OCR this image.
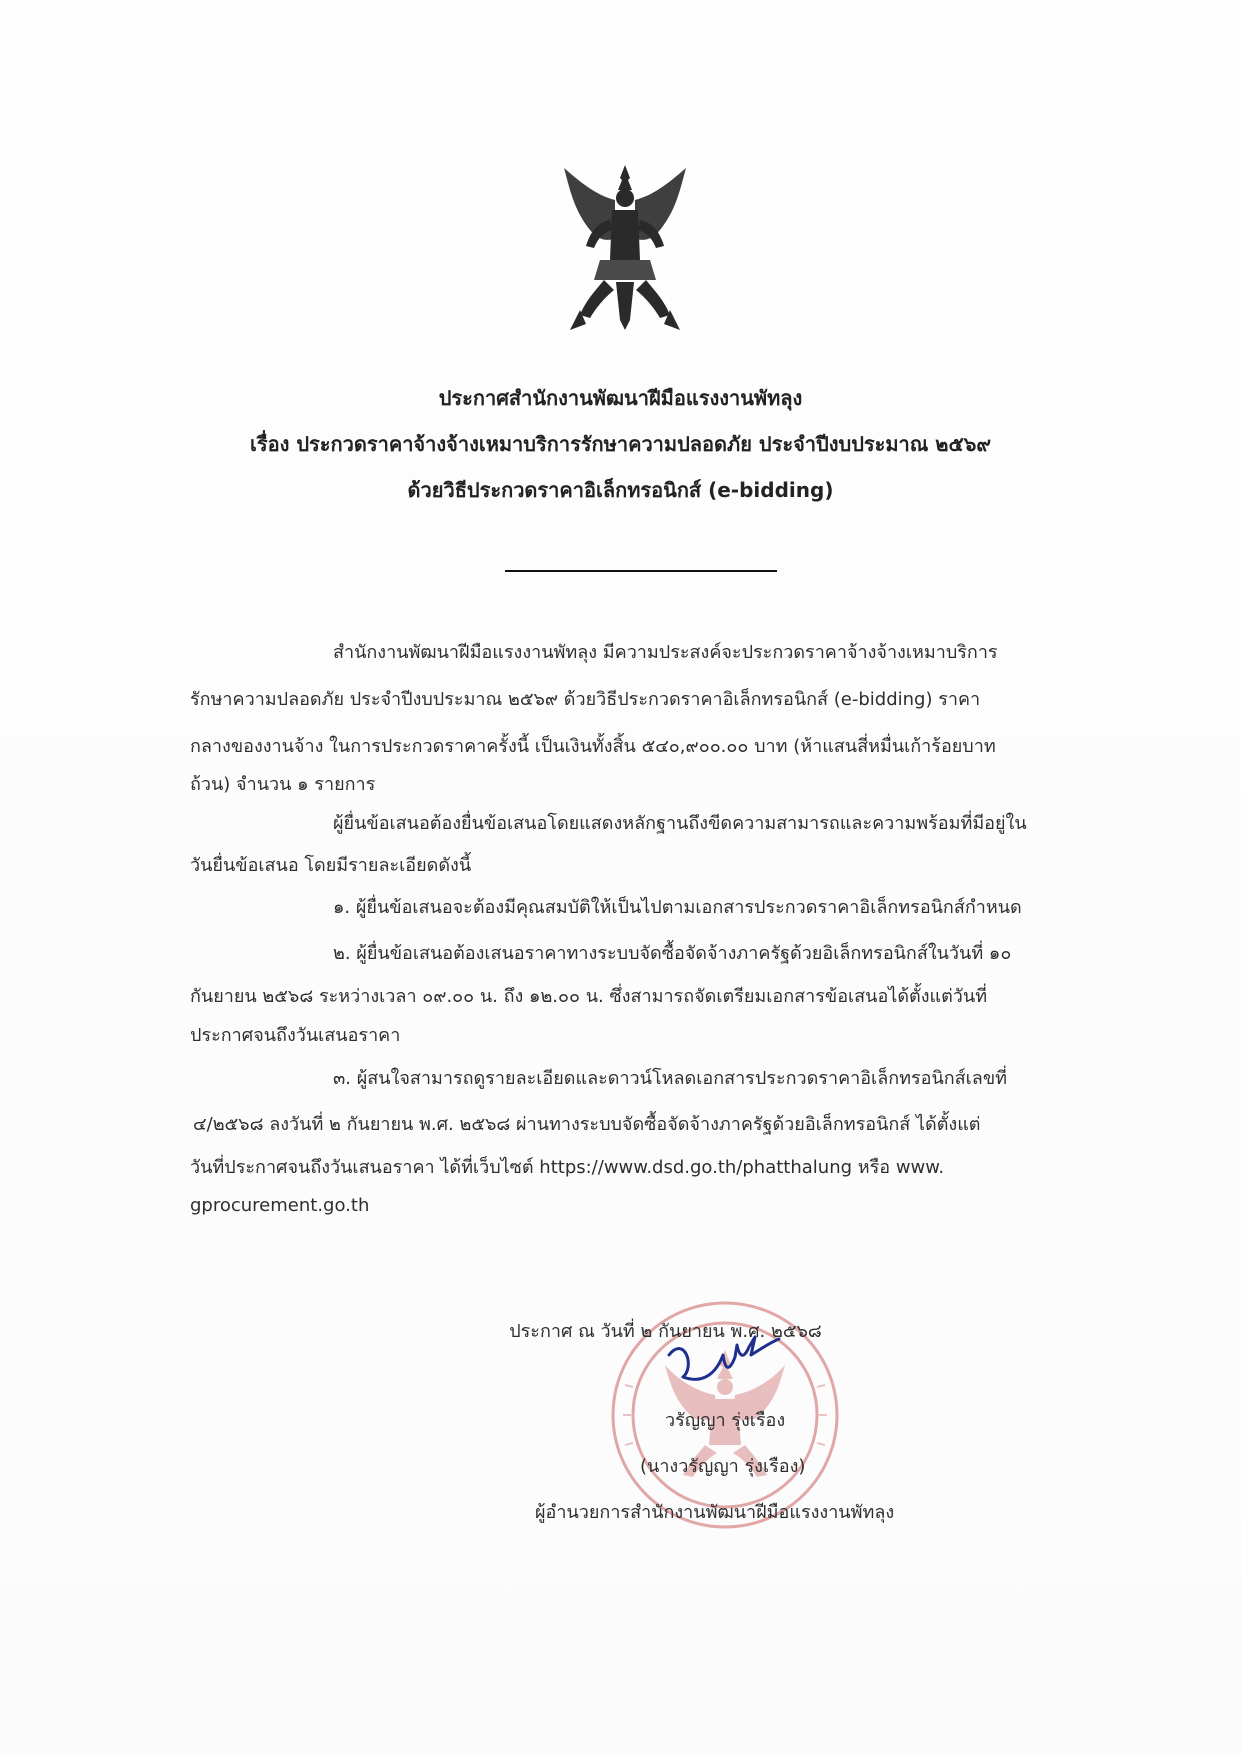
ประกาศสำนักงานพัฒนาฝีมือแรงงานพัทลุง
เรื่อง ประกวดราคาจ้างจ้างเหมาบริการรักษาความปลอดภัย ประจำปีงบประมาณ ๒๕๖๙
ด้วยวิธีประกวดราคาอิเล็กทรอนิกส์ (e-bidding)
สำนักงานพัฒนาฝีมือแรงงานพัทลุง มีความประสงค์จะประกวดราคาจ้างจ้างเหมาบริการ
รักษาความปลอดภัย ประจำปีงบประมาณ ๒๕๖๙ ด้วยวิธีประกวดราคาอิเล็กทรอนิกส์ (e-bidding) ราคา
กลางของงานจ้าง ในการประกวดราคาครั้งนี้ เป็นเงินทั้งสิ้น ๕๔๐,๙๐๐.๐๐ บาท (ห้าแสนสี่หมื่นเก้าร้อยบาท
ถ้วน) จำนวน ๑ รายการ
ผู้ยื่นข้อเสนอต้องยื่นข้อเสนอโดยแสดงหลักฐานถึงขีดความสามารถและความพร้อมที่มีอยู่ใน
วันยื่นข้อเสนอ โดยมีรายละเอียดดังนี้
๑. ผู้ยื่นข้อเสนอจะต้องมีคุณสมบัติให้เป็นไปตามเอกสารประกวดราคาอิเล็กทรอนิกส์กำหนด
๒. ผู้ยื่นข้อเสนอต้องเสนอราคาทางระบบจัดซื้อจัดจ้างภาครัฐด้วยอิเล็กทรอนิกส์ในวันที่ ๑๐
กันยายน ๒๕๖๘ ระหว่างเวลา ๐๙.๐๐ น. ถึง ๑๒.๐๐ น. ซึ่งสามารถจัดเตรียมเอกสารข้อเสนอได้ตั้งแต่วันที่
ประกาศจนถึงวันเสนอราคา
๓. ผู้สนใจสามารถดูรายละเอียดและดาวน์โหลดเอกสารประกวดราคาอิเล็กทรอนิกส์เลขที่
๔/๒๕๖๘ ลงวันที่ ๒ กันยายน พ.ศ. ๒๕๖๘ ผ่านทางระบบจัดซื้อจัดจ้างภาครัฐด้วยอิเล็กทรอนิกส์ ได้ตั้งแต่
วันที่ประกาศจนถึงวันเสนอราคา ได้ที่เว็บไซต์ https://www.dsd.go.th/phatthalung หรือ www.
gprocurement.go.th
ประกาศ ณ วันที่ ๒ กันยายน พ.ศ. ๒๕๖๘
วรัญญา รุ่งเรือง
(นางวรัญญา รุ่งเรือง)
ผู้อำนวยการสำนักงานพัฒนาฝีมือแรงงานพัทลุง
